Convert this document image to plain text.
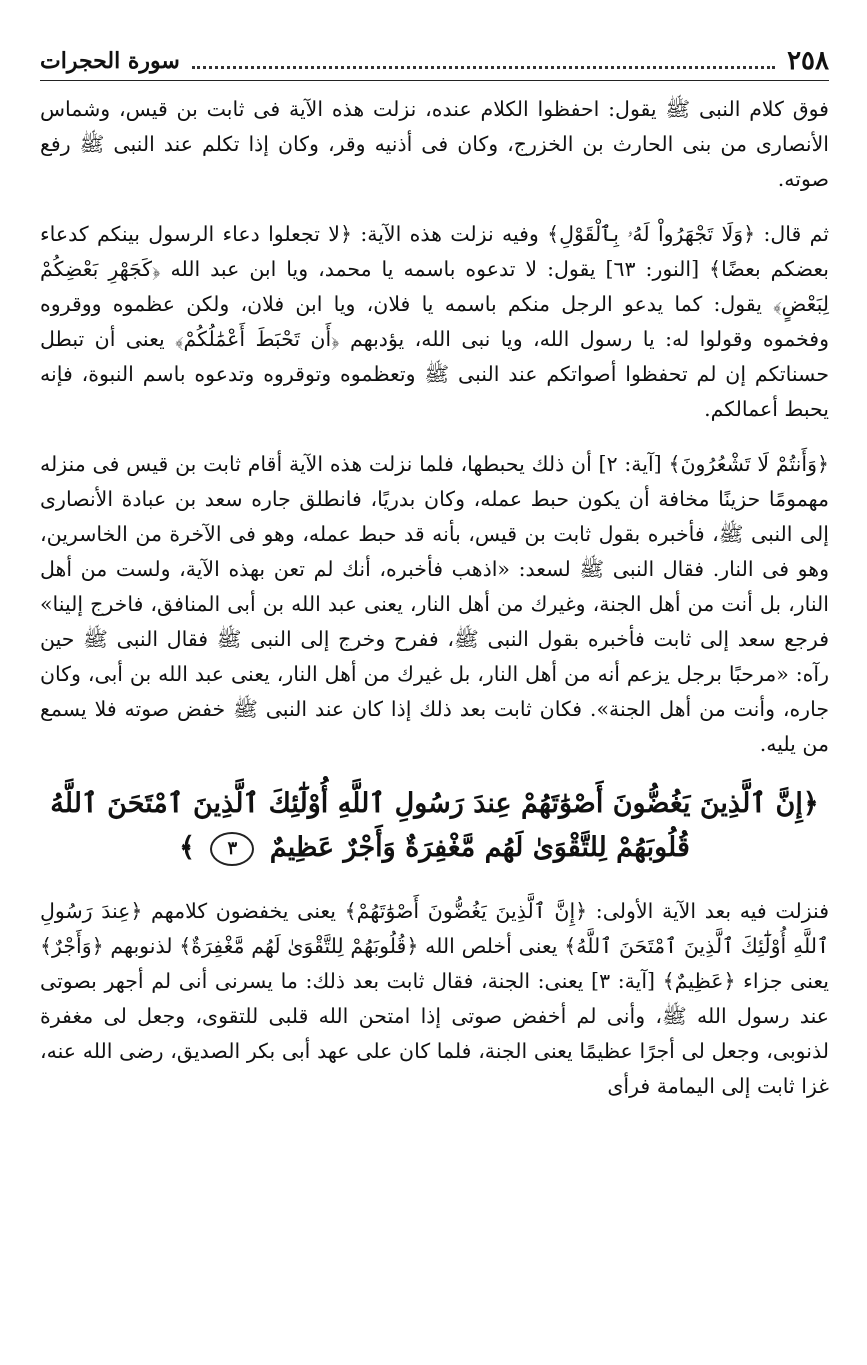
٢٥٨
سورة الحجرات

فوق كلام النبى ﷺ يقول: احفظوا الكلام عنده، نزلت هذه الآية فى ثابت بن قيس، وشماس الأنصارى من بنى الحارث بن الخزرج، وكان فى أذنيه وقر، وكان إذا تكلم عند النبى ﷺ رفع صوته.

ثم قال: ﴿وَلَا تَجْهَرُواْ لَهُۥ بِٱلْقَوْلِ﴾ وفيه نزلت هذه الآية: ﴿لا تجعلوا دعاء الرسول بينكم كدعاء بعضكم بعضًا﴾ [النور: ٦٣] يقول: لا تدعوه باسمه يا محمد، ويا ابن عبد الله ﴿كَجَهْرِ بَعْضِكُمْ لِبَعْضٍ﴾ يقول: كما يدعو الرجل منكم باسمه يا فلان، ويا ابن فلان، ولكن عظموه ووقروه وفخموه وقولوا له: يا رسول الله، ويا نبى الله، يؤدبهم ﴿أَن تَحْبَطَ أَعْمَٰلُكُمْ﴾ يعنى أن تبطل حسناتكم إن لم تحفظوا أصواتكم عند النبى ﷺ وتعظموه وتوقروه وتدعوه باسم النبوة، فإنه يحبط أعمالكم.

﴿وَأَنتُمْ لَا تَشْعُرُونَ﴾ [آية: ٢] أن ذلك يحبطها، فلما نزلت هذه الآية أقام ثابت بن قيس فى منزله مهمومًا حزينًا مخافة أن يكون حبط عمله، وكان بدريًا، فانطلق جاره سعد بن عبادة الأنصارى إلى النبى ﷺ، فأخبره بقول ثابت بن قيس، بأنه قد حبط عمله، وهو فى الآخرة من الخاسرين، وهو فى النار. فقال النبى ﷺ لسعد: «اذهب فأخبره، أنك لم تعن بهذه الآية، ولست من أهل النار، بل أنت من أهل الجنة، وغيرك من أهل النار، يعنى عبد الله بن أبى المنافق، فاخرج إلينا» فرجع سعد إلى ثابت فأخبره بقول النبى ﷺ، ففرح وخرج إلى النبى ﷺ فقال النبى ﷺ حين رآه: «مرحبًا برجل يزعم أنه من أهل النار، بل غيرك من أهل النار، يعنى عبد الله بن أبى، وكان جاره، وأنت من أهل الجنة». فكان ثابت بعد ذلك إذا كان عند النبى ﷺ خفض صوته فلا يسمع من يليه.

﴿إِنَّ ٱلَّذِينَ يَغُضُّونَ أَصْوَٰتَهُمْ عِندَ رَسُولِ ٱللَّهِ أُوْلَٰٓئِكَ ٱلَّذِينَ ٱمْتَحَنَ ٱللَّهُ قُلُوبَهُمْ لِلتَّقْوَىٰ لَهُم مَّغْفِرَةٌ وَأَجْرٌ عَظِيمٌ ٣ ﴾

فنزلت فيه بعد الآية الأولى: ﴿إِنَّ ٱلَّذِينَ يَغُضُّونَ أَصْوَٰتَهُمْ﴾ يعنى يخفضون كلامهم ﴿عِندَ رَسُولِ ٱللَّهِ أُوْلَٰٓئِكَ ٱلَّذِينَ ٱمْتَحَنَ ٱللَّهُ﴾ يعنى أخلص الله ﴿قُلُوبَهُمْ لِلتَّقْوَىٰ لَهُم مَّغْفِرَةٌ﴾ لذنوبهم ﴿وَأَجْرٌ﴾ يعنى جزاء ﴿عَظِيمٌ﴾ [آية: ٣] يعنى: الجنة، فقال ثابت بعد ذلك: ما يسرنى أنى لم أجهر بصوتى عند رسول الله ﷺ، وأنى لم أخفض صوتى إذا امتحن الله قلبى للتقوى، وجعل لى مغفرة لذنوبى، وجعل لى أجرًا عظيمًا يعنى الجنة، فلما كان على عهد أبى بكر الصديق، رضى الله عنه، غزا ثابت إلى اليمامة فرأى
